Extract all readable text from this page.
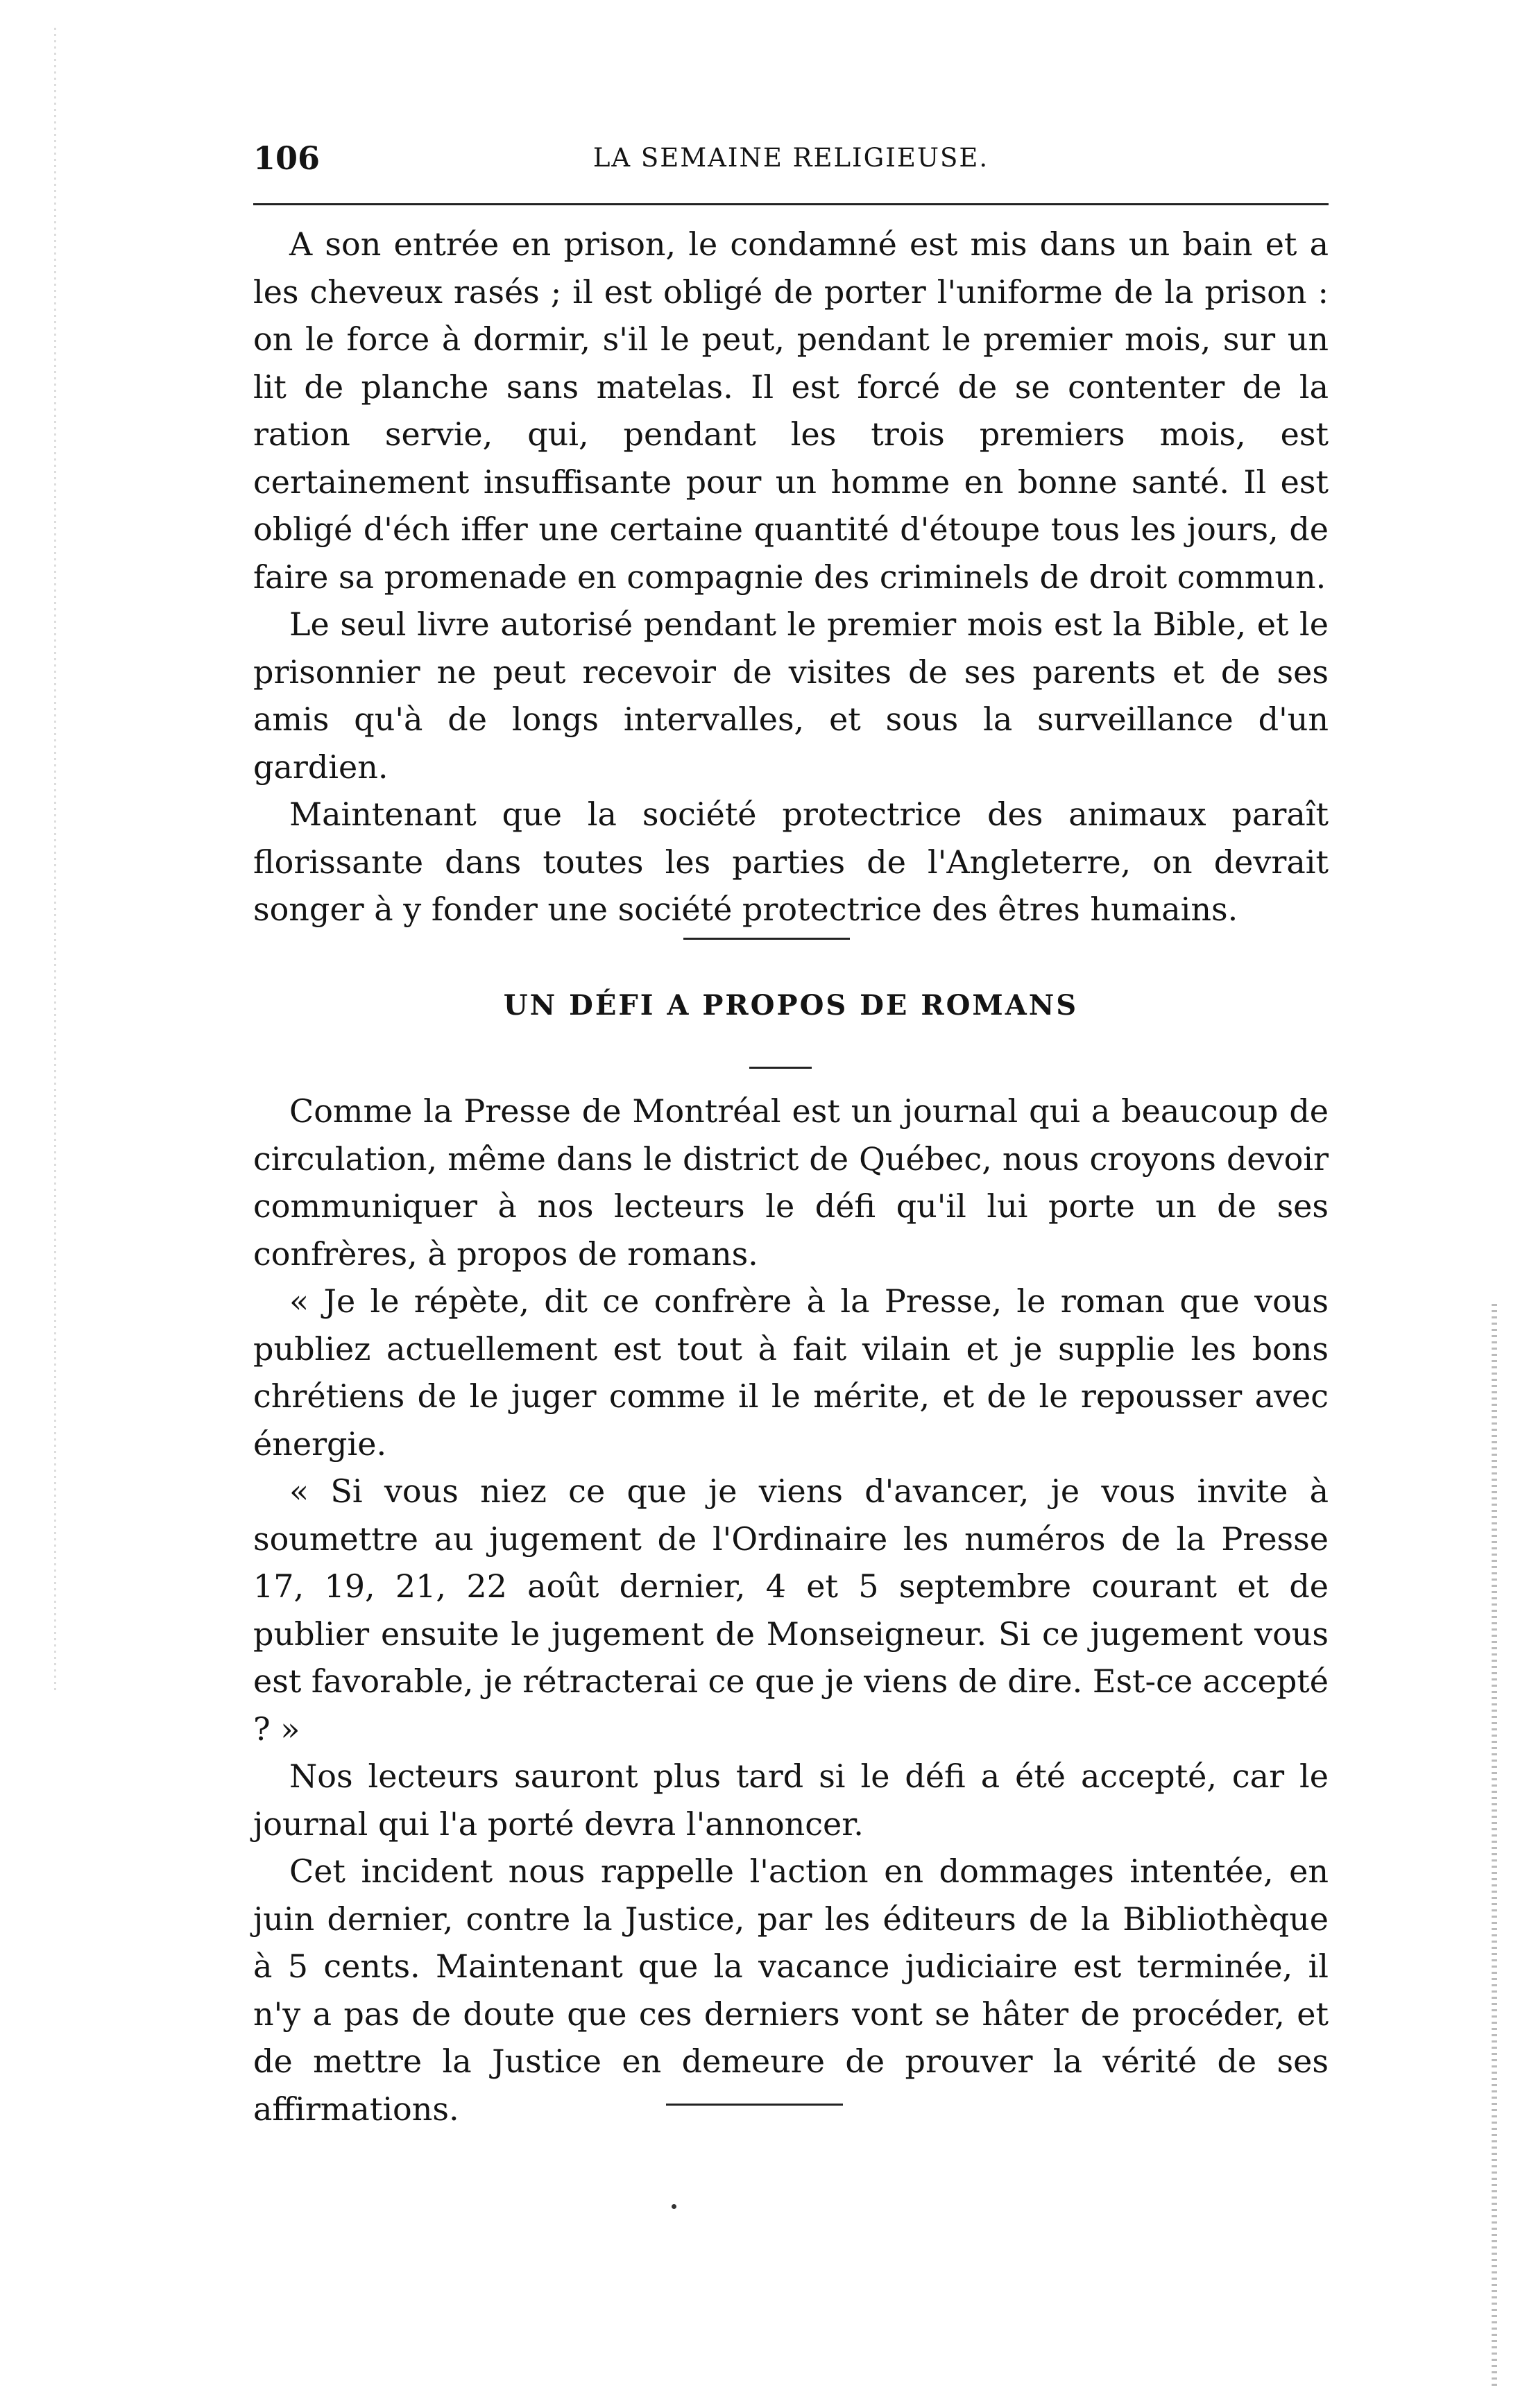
106	LA SEMAINE RELIGIEUSE.

A son entrée en prison, le condamné est mis dans un bain et a les cheveux rasés ; il est obligé de porter l'uniforme de la prison : on le force à dormir, s'il le peut, pendant le premier mois, sur un lit de planche sans matelas. Il est forcé de se contenter de la ration servie, qui, pendant les trois premiers mois, est certainement insuffisante pour un homme en bonne santé. Il est obligé d'éch iffer une certaine quantité d'étoupe tous les jours, de faire sa promenade en compagnie des criminels de droit commun.

Le seul livre autorisé pendant le premier mois est la Bible, et le prisonnier ne peut recevoir de visites de ses parents et de ses amis qu'à de longs intervalles, et sous la surveillance d'un gardien.

Maintenant que la société protectrice des animaux paraît florissante dans toutes les parties de l'Angleterre, on devrait songer à y fonder une société protectrice des êtres humains.

UN DÉFI A PROPOS DE ROMANS

Comme la Presse de Montréal est un journal qui a beaucoup de circulation, même dans le district de Québec, nous croyons devoir communiquer à nos lecteurs le défi qu'il lui porte un de ses confrères, à propos de romans.

« Je le répète, dit ce confrère à la Presse, le roman que vous publiez actuellement est tout à fait vilain et je supplie les bons chrétiens de le juger comme il le mérite, et de le repousser avec énergie.

« Si vous niez ce que je viens d'avancer, je vous invite à soumettre au jugement de l'Ordinaire les numéros de la Presse 17, 19, 21, 22 août dernier, 4 et 5 septembre courant et de publier ensuite le jugement de Monseigneur. Si ce jugement vous est favorable, je rétracterai ce que je viens de dire. Est-ce accepté ? »

Nos lecteurs sauront plus tard si le défi a été accepté, car le journal qui l'a porté devra l'annoncer.

Cet incident nous rappelle l'action en dommages intentée, en juin dernier, contre la Justice, par les éditeurs de la Bibliothèque à 5 cents. Maintenant que la vacance judiciaire est terminée, il n'y a pas de doute que ces derniers vont se hâter de procéder, et de mettre la Justice en demeure de prouver la vérité de ses affirmations.
